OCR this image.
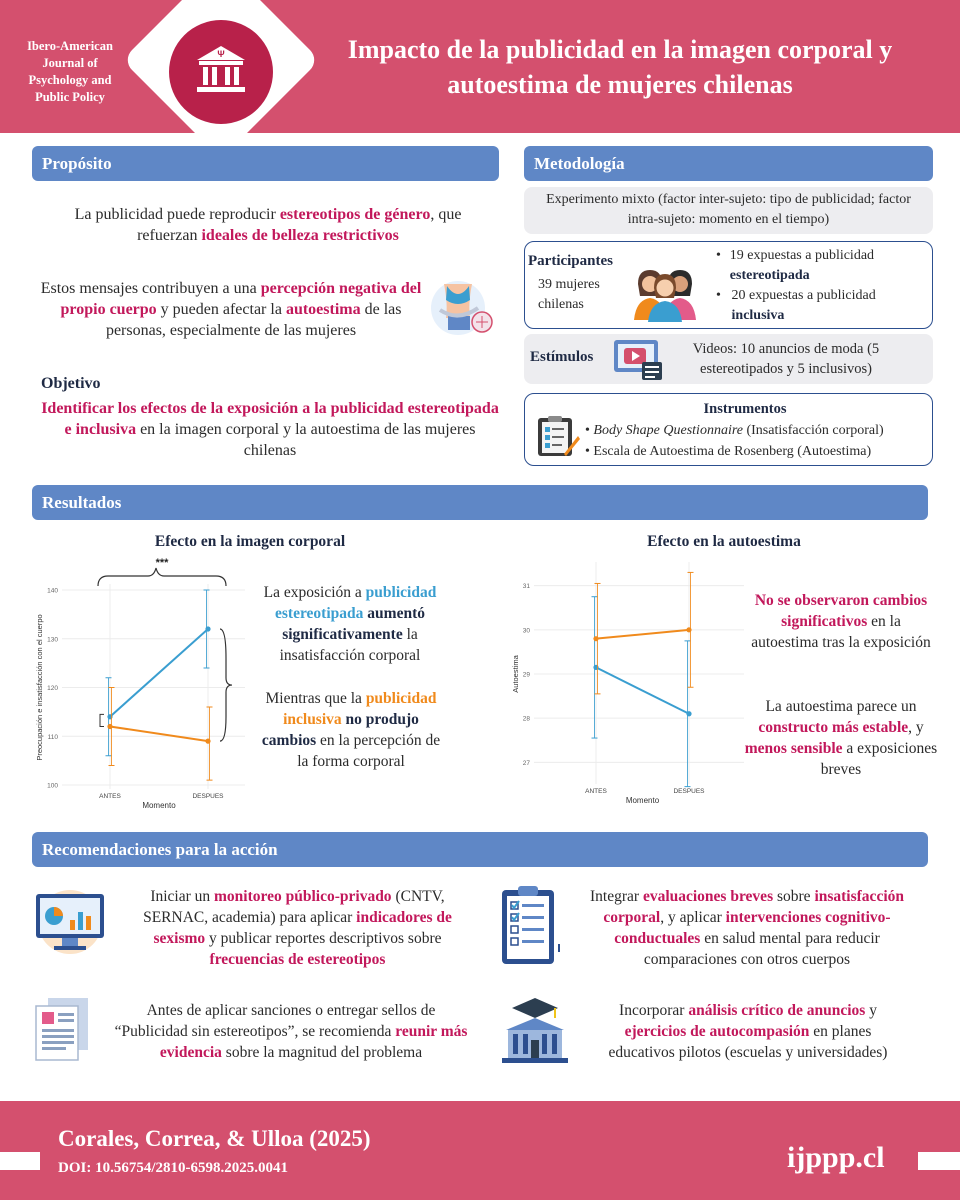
Ibero-American Journal of Psychology and Public Policy
Ψ	Impacto de la publicidad en la imagen corporal y autoestima de mujeres chilenas
Propósito
La publicidad puede reproducir estereotipos de género, que refuerzan ideales de belleza restrictivos
Estos mensajes contribuyen a una percepción negativa del propio cuerpo y pueden afectar la autoestima de las personas, especialmente de las mujeres
Objetivo
Identificar los efectos de la exposición a la publicidad estereotipada e inclusiva en la imagen corporal y la autoestima de las mujeres chilenas
Metodología
Experimento mixto (factor inter-sujeto: tipo de publicidad; factor intra-sujeto: momento en el tiempo)
Participantes
39 mujeres chilenas
• 19 expuestas a publicidad estereotipada
• 20 expuestas a publicidad inclusiva
Estímulos	Videos: 10 anuncios de moda (5 estereotipados y 5 inclusivos)
Instrumentos
• Body Shape Questionnaire (Insatisfacción corporal)
• Escala de Autoestima de Rosenberg (Autoestima)
Resultados
Efecto en la imagen corporal	Efecto en la autoestima
100
110
120
130
140
ANTES	DESPUES
Momento
Preocupación e insatisfacción con el cuerpo
***
27
28
29
30
31
ANTES	DESPUES
Momento
Autoestima
La exposición a publicidad estereotipada aumentó significativamente la insatisfacción corporal
Mientras que la publicidad inclusiva no produjo cambios en la percepción de la forma corporal
No se observaron cambios significativos en la autoestima tras la exposición
La autoestima parece un constructo más estable, y menos sensible a exposiciones breves
Recomendaciones para la acción
Iniciar un monitoreo público-privado (CNTV, SERNAC, academia) para aplicar indicadores de sexismo y publicar reportes descriptivos sobre frecuencias de estereotipos
Integrar evaluaciones breves sobre insatisfacción corporal, y aplicar intervenciones cognitivo-conductuales en salud mental para reducir comparaciones con otros cuerpos
Antes de aplicar sanciones o entregar sellos de “Publicidad sin estereotipos”, se recomienda reunir más evidencia sobre la magnitud del problema
Incorporar análisis crítico de anuncios y ejercicios de autocompasión en planes educativos pilotos (escuelas y universidades)
Corales, Correa, & Ulloa (2025)
DOI: 10.56754/2810-6598.2025.0041	ijppp.cl
